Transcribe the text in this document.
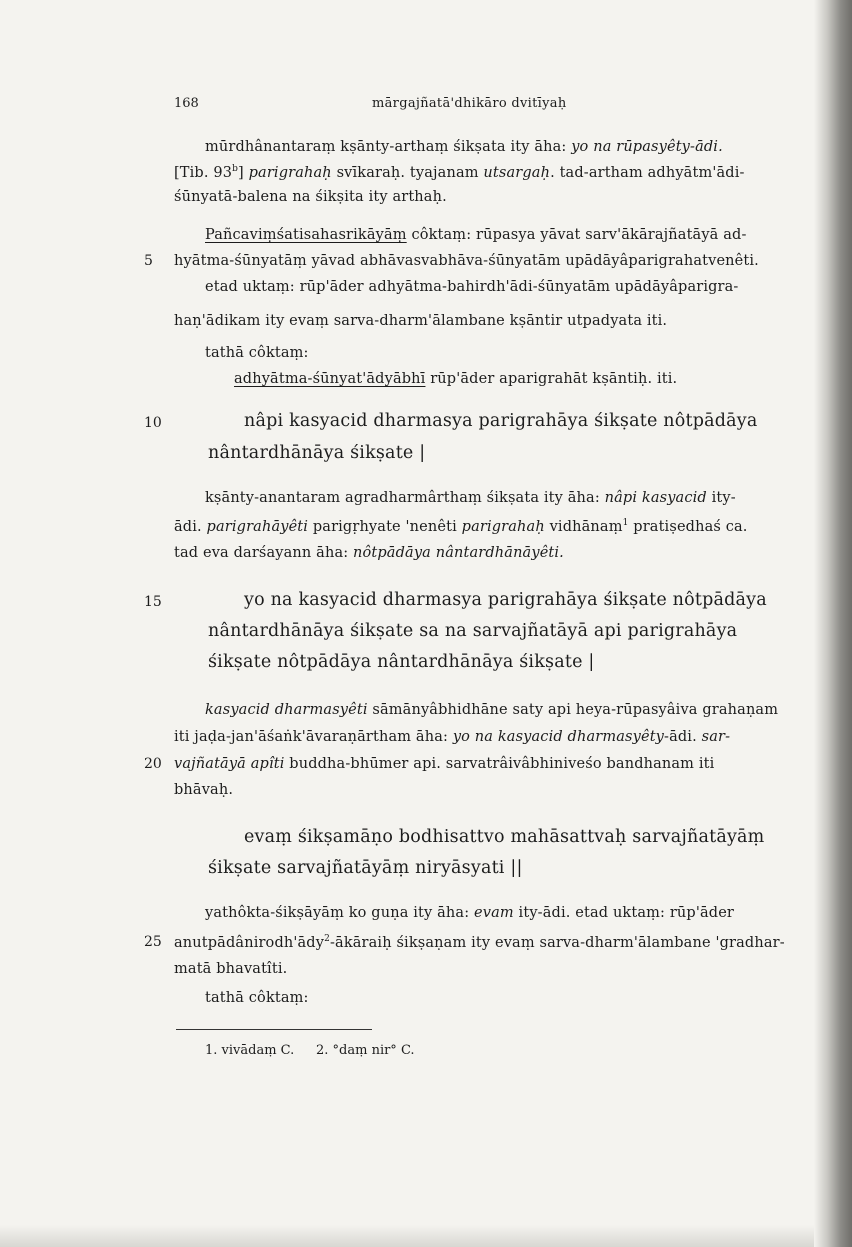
168	mārgajñatā'dhikāro dvitīyaḥ
mūrdhânantaraṃ kṣānty-arthaṃ śikṣata ity āha: yo na rūpasyêty-ādi.
[Tib. 93$^b$] parigrahaḥ svīkaraḥ. tyajanam utsargaḥ. tad-artham adhyātm'ādi-
śūnyatā-balena na śikṣita ity arthaḥ.
Pañcaviṃśatisahasrikāyāṃ côktaṃ: rūpasya yāvat sarv'ākārajñatāyā ad-
5 hyātma-śūnyatāṃ yāvad abhāvasvabhāva-śūnyatām upādāyâparigrahatvenêti.
etad uktaṃ: rūp'āder adhyātma-bahirdh'ādi-śūnyatām upādāyâparigra-
haṇ'ādikam ity evaṃ sarva-dharm'ālambane kṣāntir utpadyata iti.
tathā côktaṃ:
adhyātma-śūnyat'ādyābhī rūp'āder aparigrahāt kṣāntiḥ. iti.
10	nâpi kasyacid dharmasya parigrahāya śikṣate nôtpādāya
nântardhānāya śikṣate |
kṣānty-anantaram agradharmârthaṃ śikṣata ity āha: nâpi kasyacid ity-
ādi. parigrahāyêti parigṛhyate 'nenêti parigrahaḥ vidhānaṃ$^1$ pratiṣedhaś ca.
tad eva darśayann āha: nôtpādāya nântardhānāyêti.
15	yo na kasyacid dharmasya parigrahāya śikṣate nôtpādāya
nântardhānāya śikṣate sa na sarvajñatāyā api parigrahāya
śikṣate nôtpādāya nântardhānāya śikṣate |
kasyacid dharmasyêti sāmānyâbhidhāne saty api heya-rūpasyâiva grahaṇam
iti jaḍa-jan'āśaṅk'āvaraṇārtham āha: yo na kasyacid dharmasyêty-ādi. sar-
20 vajñatāyā apîti buddha-bhūmer api. sarvatrâivâbhiniveśo bandhanam iti
bhāvaḥ.
evaṃ śikṣamāṇo bodhisattvo mahāsattvaḥ sarvajñatāyāṃ
śikṣate sarvajñatāyāṃ niryāsyati ||
yathôkta-śikṣāyāṃ ko guṇa ity āha: evam ity-ādi. etad uktaṃ: rūp'āder
25 anutpādânirodh'ādy$^2$-ākāraiḥ śikṣaṇam ity evaṃ sarva-dharm'ālambane 'gradhar-
matā bhavatîti.
tathā côktaṃ:
1. vivādaṃ C. 2. °daṃ nir° C.
